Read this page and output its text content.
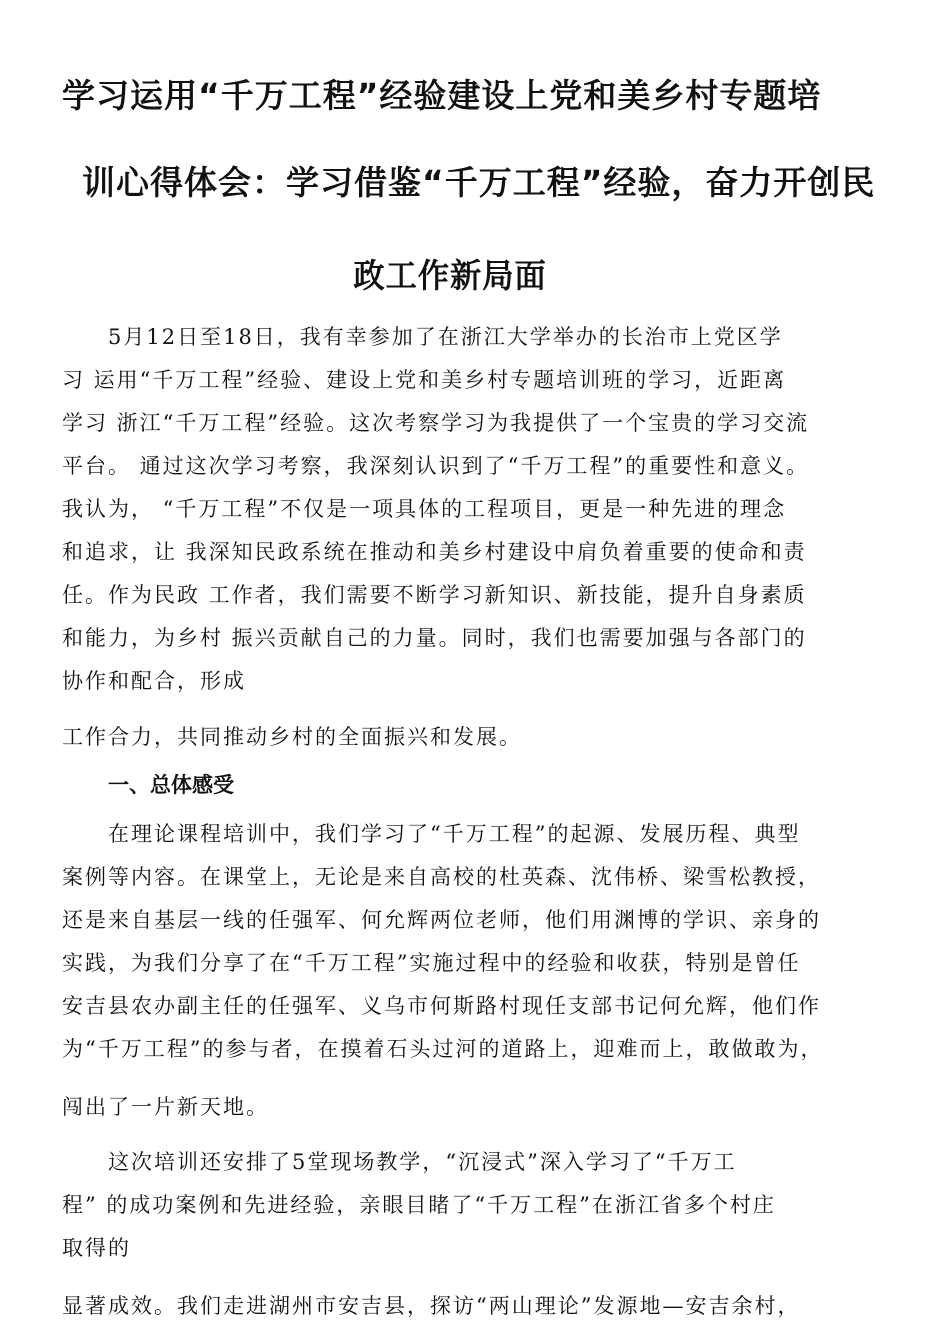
学习运用“千万工程”经验建设上党和美乡村专题培
训心得体会：学习借鉴“千万工程”经验，奋力开创民
政工作新局面
5月12日至18日，我有幸参加了在浙江大学举办的长治市上党区学
习 运用“千万工程”经验、建设上党和美乡村专题培训班的学习，近距离
学习 浙江“千万工程”经验。这次考察学习为我提供了一个宝贵的学习交流
平台。 通过这次学习考察，我深刻认识到了“千万工程”的重要性和意义。
我认为， “千万工程”不仅是一项具体的工程项目，更是一种先进的理念
和追求，让 我深知民政系统在推动和美乡村建设中肩负着重要的使命和责
任。作为民政 工作者，我们需要不断学习新知识、新技能，提升自身素质
和能力，为乡村 振兴贡献自己的力量。同时，我们也需要加强与各部门的
协作和配合，形成
工作合力，共同推动乡村的全面振兴和发展。
一、总体感受
在理论课程培训中，我们学习了“千万工程”的起源、发展历程、典型
案例等内容。在课堂上，无论是来自高校的杜英森、沈伟桥、梁雪松教授，
还是来自基层一线的任强军、何允辉两位老师，他们用渊博的学识、亲身的
实践，为我们分享了在“千万工程”实施过程中的经验和收获，特别是曾任
安吉县农办副主任的任强军、义乌市何斯路村现任支部书记何允辉，他们作
为“千万工程”的参与者，在摸着石头过河的道路上，迎难而上，敢做敢为，
闯出了一片新天地。
这次培训还安排了5堂现场教学，“沉浸式”深入学习了“千万工
程” 的成功案例和先进经验，亲眼目睹了“千万工程”在浙江省多个村庄
取得的
显著成效。我们走进湖州市安吉县，探访“两山理论”发源地—安吉余村，
